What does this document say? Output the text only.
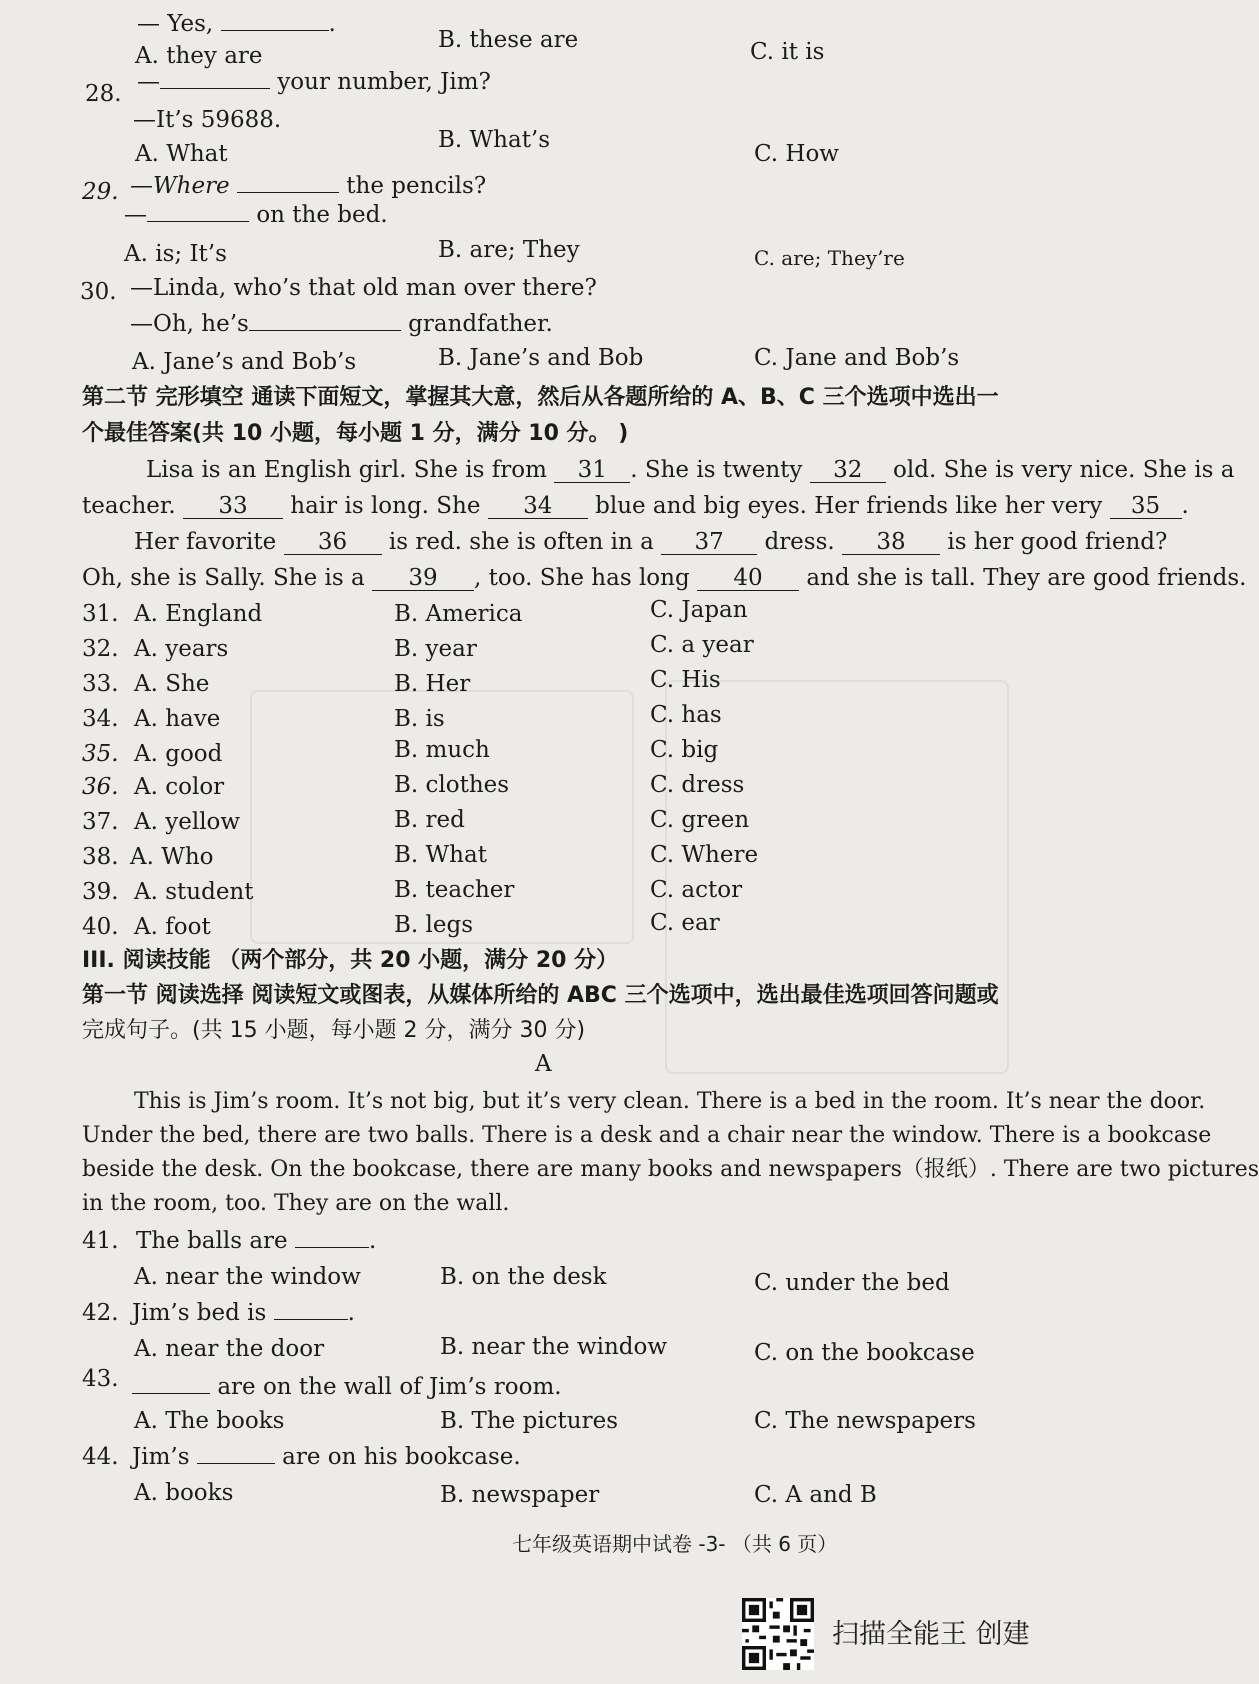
— Yes,	.
A. they are
B. these are	C. it is
28. —	your number, Jim?
—It’s 59688.
A. What
B. What’s
C. How
29. —Where	the pencils?
—	on the bed.
A. is; It’s	B. are; They	C. are; They’re
30. —Linda, who’s that old man over there?
—Oh, he’s	grandfather.
A. Jane’s and Bob’s	B. Jane’s and Bob	C. Jane and Bob’s
第二节 完形填空 通读下面短文，掌握其大意，然后从各题所给的 A、B、C 三个选项中选出一
个最佳答案(共 10 小题，每小题 1 分，满分 10 分。 )
Lisa is an English girl. She is from 31 . She is twenty 32 old. She is very nice. She is a
teacher. 33 hair is long. She 34 blue and big eyes. Her friends like her very 35 .
Her favorite 36 is red. she is often in a 37 dress. 38 is her good friend?
Oh, she is Sally. She is a 39 , too. She has long 40 and she is tall. They are good friends.
31. A. England	B. America	C. Japan
32. A. years	B. year	C. a year
33. A. She	B. Her	C. His
34. A. have	B. is	C. has
35. A. good	B. much	C. big
36. A. color	B. clothes	C. dress
37. A. yellow	B. red	C. green
38. A. Who	B. What	C. Where
39. A. student	B. teacher	C. actor
40. A. foot	B. legs	C. ear
III. 阅读技能 （两个部分，共 20 小题，满分 20 分）
第一节 阅读选择 阅读短文或图表，从媒体所给的 ABC 三个选项中，选出最佳选项回答问题或
完成句子。(共 15 小题，每小题 2 分，满分 30 分)
A
This is Jim’s room. It’s not big, but it’s very clean. There is a bed in the room. It’s near the door.
Under the bed, there are two balls. There is a desk and a chair near the window. There is a bookcase
beside the desk. On the bookcase, there are many books and newspapers（报纸）. There are two pictures
in the room, too. They are on the wall.
41. The balls are	.
A. near the window	B. on the desk	C. under the bed
42. Jim’s bed is	.
A. near the door	B. near the window	C. on the bookcase
43.	are on the wall of Jim’s room.
A. The books	B. The pictures	C. The newspapers
44. Jim’s	are on his bookcase.
A. books	B. newspaper	C. A and B
七年级英语期中试卷 -3- （共 6 页）
扫描全能王 创建
